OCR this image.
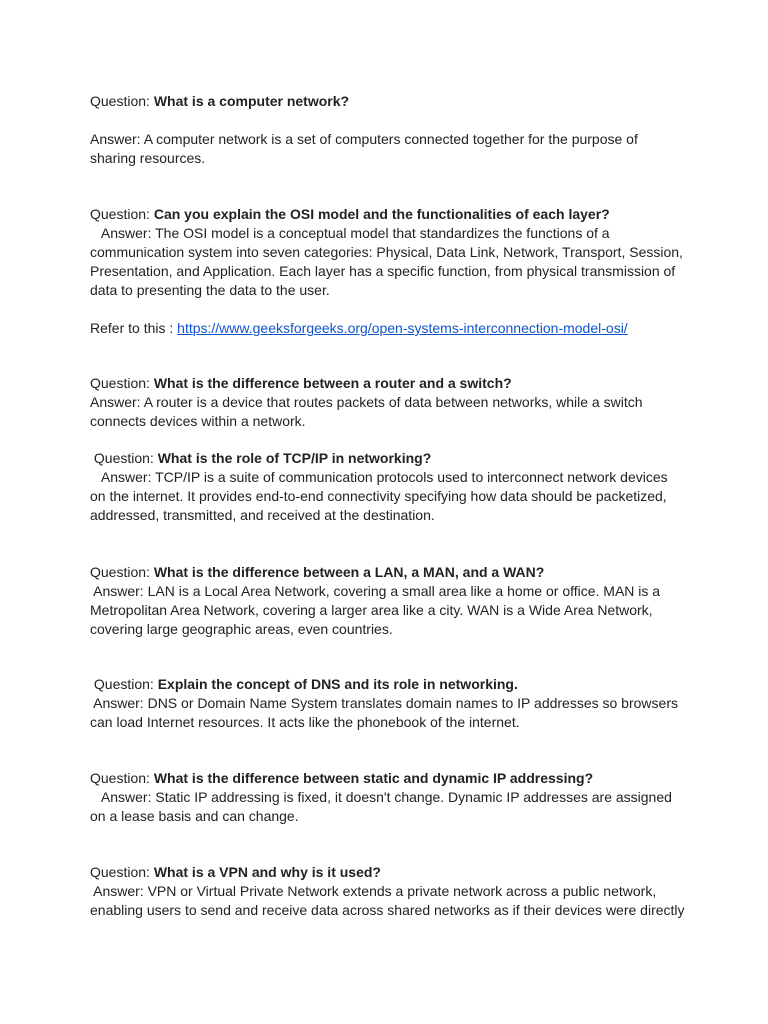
Question: What is a computer network?
Answer: A computer network is a set of computers connected together for the purpose of
sharing resources.
Question: Can you explain the OSI model and the functionalities of each layer?
Answer: The OSI model is a conceptual model that standardizes the functions of a
communication system into seven categories: Physical, Data Link, Network, Transport, Session,
Presentation, and Application. Each layer has a specific function, from physical transmission of
data to presenting the data to the user.
Refer to this : https://www.geeksforgeeks.org/open-systems-interconnection-model-osi/
Question: What is the difference between a router and a switch?
Answer: A router is a device that routes packets of data between networks, while a switch
connects devices within a network.
Question: What is the role of TCP/IP in networking?
Answer: TCP/IP is a suite of communication protocols used to interconnect network devices
on the internet. It provides end-to-end connectivity specifying how data should be packetized,
addressed, transmitted, and received at the destination.
Question: What is the difference between a LAN, a MAN, and a WAN?
Answer: LAN is a Local Area Network, covering a small area like a home or office. MAN is a
Metropolitan Area Network, covering a larger area like a city. WAN is a Wide Area Network,
covering large geographic areas, even countries.
Question: Explain the concept of DNS and its role in networking.
Answer: DNS or Domain Name System translates domain names to IP addresses so browsers
can load Internet resources. It acts like the phonebook of the internet.
Question: What is the difference between static and dynamic IP addressing?
Answer: Static IP addressing is fixed, it doesn't change. Dynamic IP addresses are assigned
on a lease basis and can change.
Question: What is a VPN and why is it used?
Answer: VPN or Virtual Private Network extends a private network across a public network,
enabling users to send and receive data across shared networks as if their devices were directly
